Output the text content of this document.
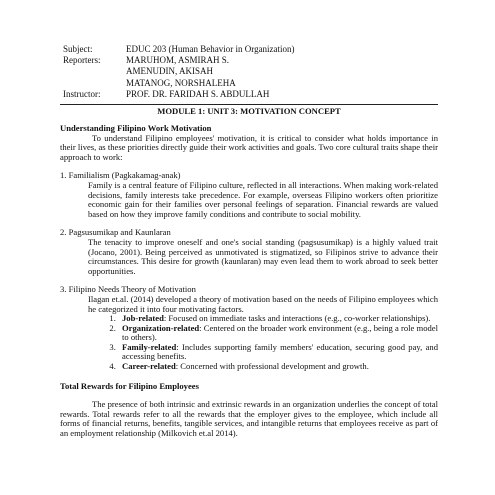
Subject:	EDUC 203 (Human Behavior in Organization)
Reporters:	MARUHOM, ASMIRAH S.
AMENUDIN, AKISAH
MATANOG, NORSHALEHA
Instructor:	PROF. DR. FARIDAH S. ABDULLAH
MODULE 1: UNIT 3: MOTIVATION CONCEPT

Understanding Filipino Work Motivation

To understand Filipino employees' motivation, it is critical to consider what holds importance in their lives, as these priorities directly guide their work activities and goals. Two core cultural traits shape their approach to work:

1. Familialism (Pagkakamag-anak)

Family is a central feature of Filipino culture, reflected in all interactions. When making work-related decisions, family interests take precedence. For example, overseas Filipino workers often prioritize economic gain for their families over personal feelings of separation. Financial rewards are valued based on how they improve family conditions and contribute to social mobility.

2. Pagsusumikap and Kaunlaran

The tenacity to improve oneself and one's social standing (pagsusumikap) is a highly valued trait (Jocano, 2001). Being perceived as unmotivated is stigmatized, so Filipinos strive to advance their circumstances. This desire for growth (kaunlaran) may even lead them to work abroad to seek better opportunities.

3. Filipino Needs Theory of Motivation

Ilagan et.al. (2014) developed a theory of motivation based on the needs of Filipino employees which he categorized it into four motivating factors.

1. Job-related: Focused on immediate tasks and interactions (e.g., co-worker relationships).
2. Organization-related: Centered on the broader work environment (e.g., being a role model to others).
3. Family-related: Includes supporting family members' education, securing good pay, and accessing benefits.
4. Career-related: Concerned with professional development and growth.

Total Rewards for Filipino Employees

The presence of both intrinsic and extrinsic rewards in an organization underlies the concept of total rewards. Total rewards refer to all the rewards that the employer gives to the employee, which include all forms of financial returns, benefits, tangible services, and intangible returns that employees receive as part of an employment relationship (Milkovich et.al 2014).
